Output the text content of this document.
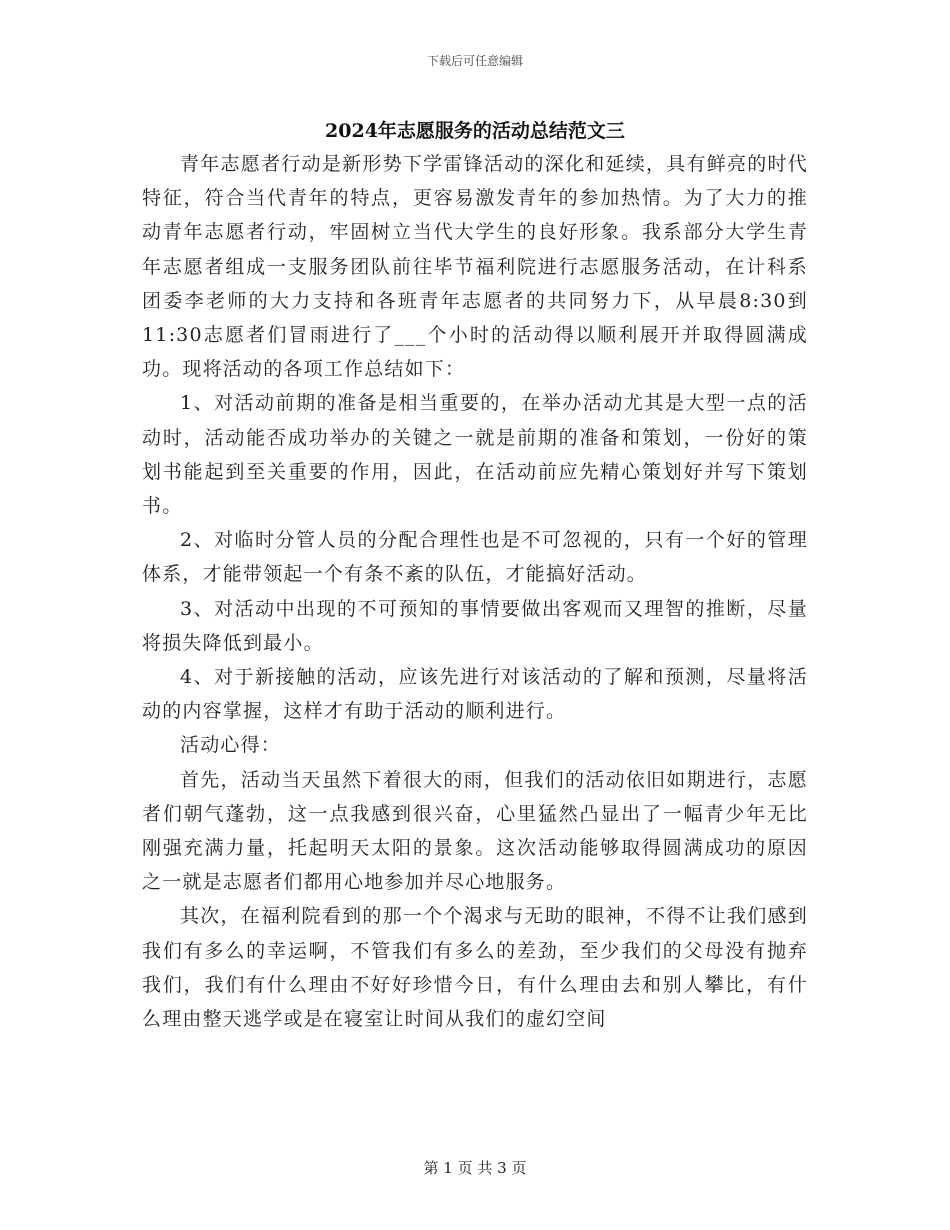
下载后可任意编辑
2024年志愿服务的活动总结范文三

青年志愿者行动是新形势下学雷锋活动的深化和延续，具有鲜亮的时代特征，符合当代青年的特点，更容易激发青年的参加热情。为了大力的推动青年志愿者行动，牢固树立当代大学生的良好形象。我系部分大学生青年志愿者组成一支服务团队前往毕节福利院进行志愿服务活动，在计科系团委李老师的大力支持和各班青年志愿者的共同努力下，从早晨8:30到11:30志愿者们冒雨进行了___个小时的活动得以顺利展开并取得圆满成功。现将活动的各项工作总结如下：

1、对活动前期的准备是相当重要的，在举办活动尤其是大型一点的活动时，活动能否成功举办的关键之一就是前期的准备和策划，一份好的策划书能起到至关重要的作用，因此，在活动前应先精心策划好并写下策划书。

2、对临时分管人员的分配合理性也是不可忽视的，只有一个好的管理体系，才能带领起一个有条不紊的队伍，才能搞好活动。

3、对活动中出现的不可预知的事情要做出客观而又理智的推断，尽量将损失降低到最小。

4、对于新接触的活动，应该先进行对该活动的了解和预测，尽量将活动的内容掌握，这样才有助于活动的顺利进行。

活动心得：

首先，活动当天虽然下着很大的雨，但我们的活动依旧如期进行，志愿者们朝气蓬勃，这一点我感到很兴奋，心里猛然凸显出了一幅青少年无比刚强充满力量，托起明天太阳的景象。这次活动能够取得圆满成功的原因之一就是志愿者们都用心地参加并尽心地服务。

其次，在福利院看到的那一个个渴求与无助的眼神，不得不让我们感到我们有多么的幸运啊，不管我们有多么的差劲，至少我们的父母没有抛弃我们，我们有什么理由不好好珍惜今日，有什么理由去和别人攀比，有什么理由整天逃学或是在寝室让时间从我们的虚幻空间

第 1 页 共 3 页
